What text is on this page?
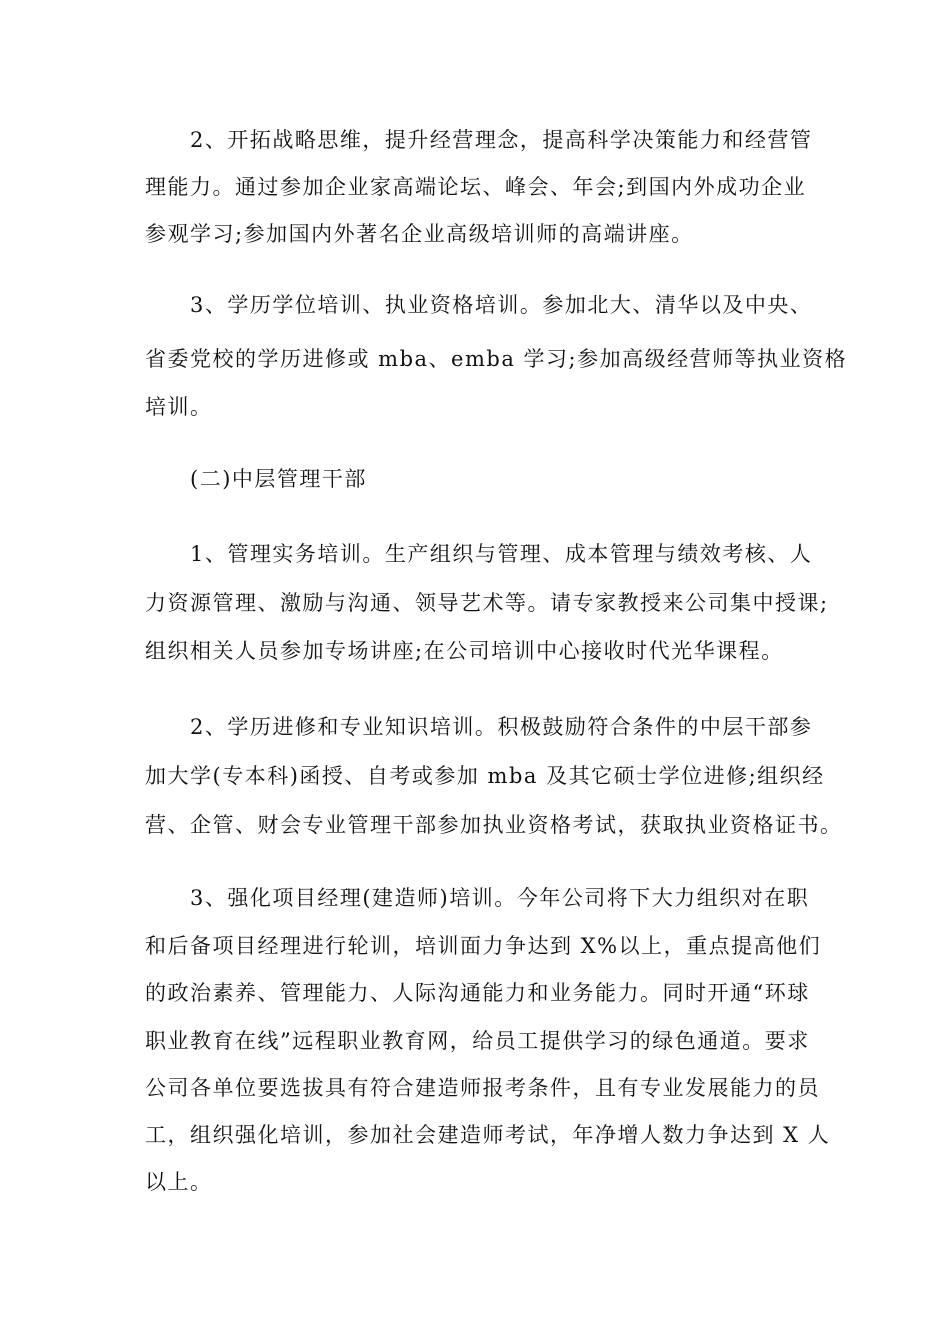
2、开拓战略思维，提升经营理念，提高科学决策能力和经营管
理能力。通过参加企业家高端论坛、峰会、年会;到国内外成功企业
参观学习;参加国内外著名企业高级培训师的高端讲座。
3、学历学位培训、执业资格培训。参加北大、清华以及中央、
省委党校的学历进修或 mba、emba 学习;参加高级经营师等执业资格
培训。
(二)中层管理干部
1、管理实务培训。生产组织与管理、成本管理与绩效考核、人
力资源管理、激励与沟通、领导艺术等。请专家教授来公司集中授课;
组织相关人员参加专场讲座;在公司培训中心接收时代光华课程。
2、学历进修和专业知识培训。积极鼓励符合条件的中层干部参
加大学(专本科)函授、自考或参加 mba 及其它硕士学位进修;组织经
营、企管、财会专业管理干部参加执业资格考试，获取执业资格证书。
3、强化项目经理(建造师)培训。今年公司将下大力组织对在职
和后备项目经理进行轮训，培训面力争达到 X%以上，重点提高他们
的政治素养、管理能力、人际沟通能力和业务能力。同时开通“环球
职业教育在线”远程职业教育网，给员工提供学习的绿色通道。要求
公司各单位要选拔具有符合建造师报考条件，且有专业发展能力的员
工，组织强化培训，参加社会建造师考试，年净增人数力争达到 X 人
以上。
